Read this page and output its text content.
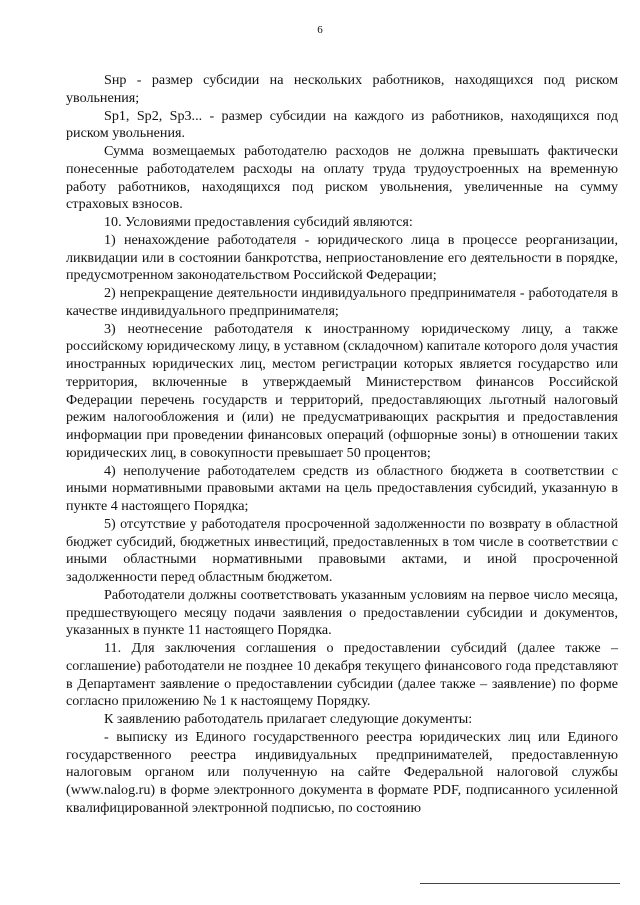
6

Sнр - размер субсидии на нескольких работников, находящихся под риском увольнения;

Sp1, Sp2, Sp3... - размер субсидии на каждого из работников, находящихся под риском увольнения.

Сумма возмещаемых работодателю расходов не должна превышать фактически понесенные работодателем расходы на оплату труда трудоустроенных на временную работу работников, находящихся под риском увольнения, увеличенные на сумму страховых взносов.

10. Условиями предоставления субсидий являются:

1) ненахождение работодателя - юридического лица в процессе реорганизации, ликвидации или в состоянии банкротства, неприостановление его деятельности в порядке, предусмотренном законодательством Российской Федерации;

2) непрекращение деятельности индивидуального предпринимателя - работодателя в качестве индивидуального предпринимателя;

3) неотнесение работодателя к иностранному юридическому лицу, а также российскому юридическому лицу, в уставном (складочном) капитале которого доля участия иностранных юридических лиц, местом регистрации которых является государство или территория, включенные в утверждаемый Министерством финансов Российской Федерации перечень государств и территорий, предоставляющих льготный налоговый режим налогообложения и (или) не предусматривающих раскрытия и предоставления информации при проведении финансовых операций (офшорные зоны) в отношении таких юридических лиц, в совокупности превышает 50 процентов;

4) неполучение работодателем средств из областного бюджета в соответствии с иными нормативными правовыми актами на цель предоставления субсидий, указанную в пункте 4 настоящего Порядка;

5) отсутствие у работодателя просроченной задолженности по возврату в областной бюджет субсидий, бюджетных инвестиций, предоставленных в том числе в соответствии с иными областными нормативными правовыми актами, и иной просроченной задолженности перед областным бюджетом.

Работодатели должны соответствовать указанным условиям на первое число месяца, предшествующего месяцу подачи заявления о предоставлении субсидии и документов, указанных в пункте 11 настоящего Порядка.

11. Для заключения соглашения о предоставлении субсидий (далее также – соглашение) работодатели не позднее 10 декабря текущего финансового года представляют в Департамент заявление о предоставлении субсидии (далее также – заявление) по форме согласно приложению № 1 к настоящему Порядку.

К заявлению работодатель прилагает следующие документы:

- выписку из Единого государственного реестра юридических лиц или Единого государственного реестра индивидуальных предпринимателей, предоставленную налоговым органом или полученную на сайте Федеральной налоговой службы (www.nalog.ru) в форме электронного документа в формате PDF, подписанного усиленной квалифицированной электронной подписью, по состоянию
